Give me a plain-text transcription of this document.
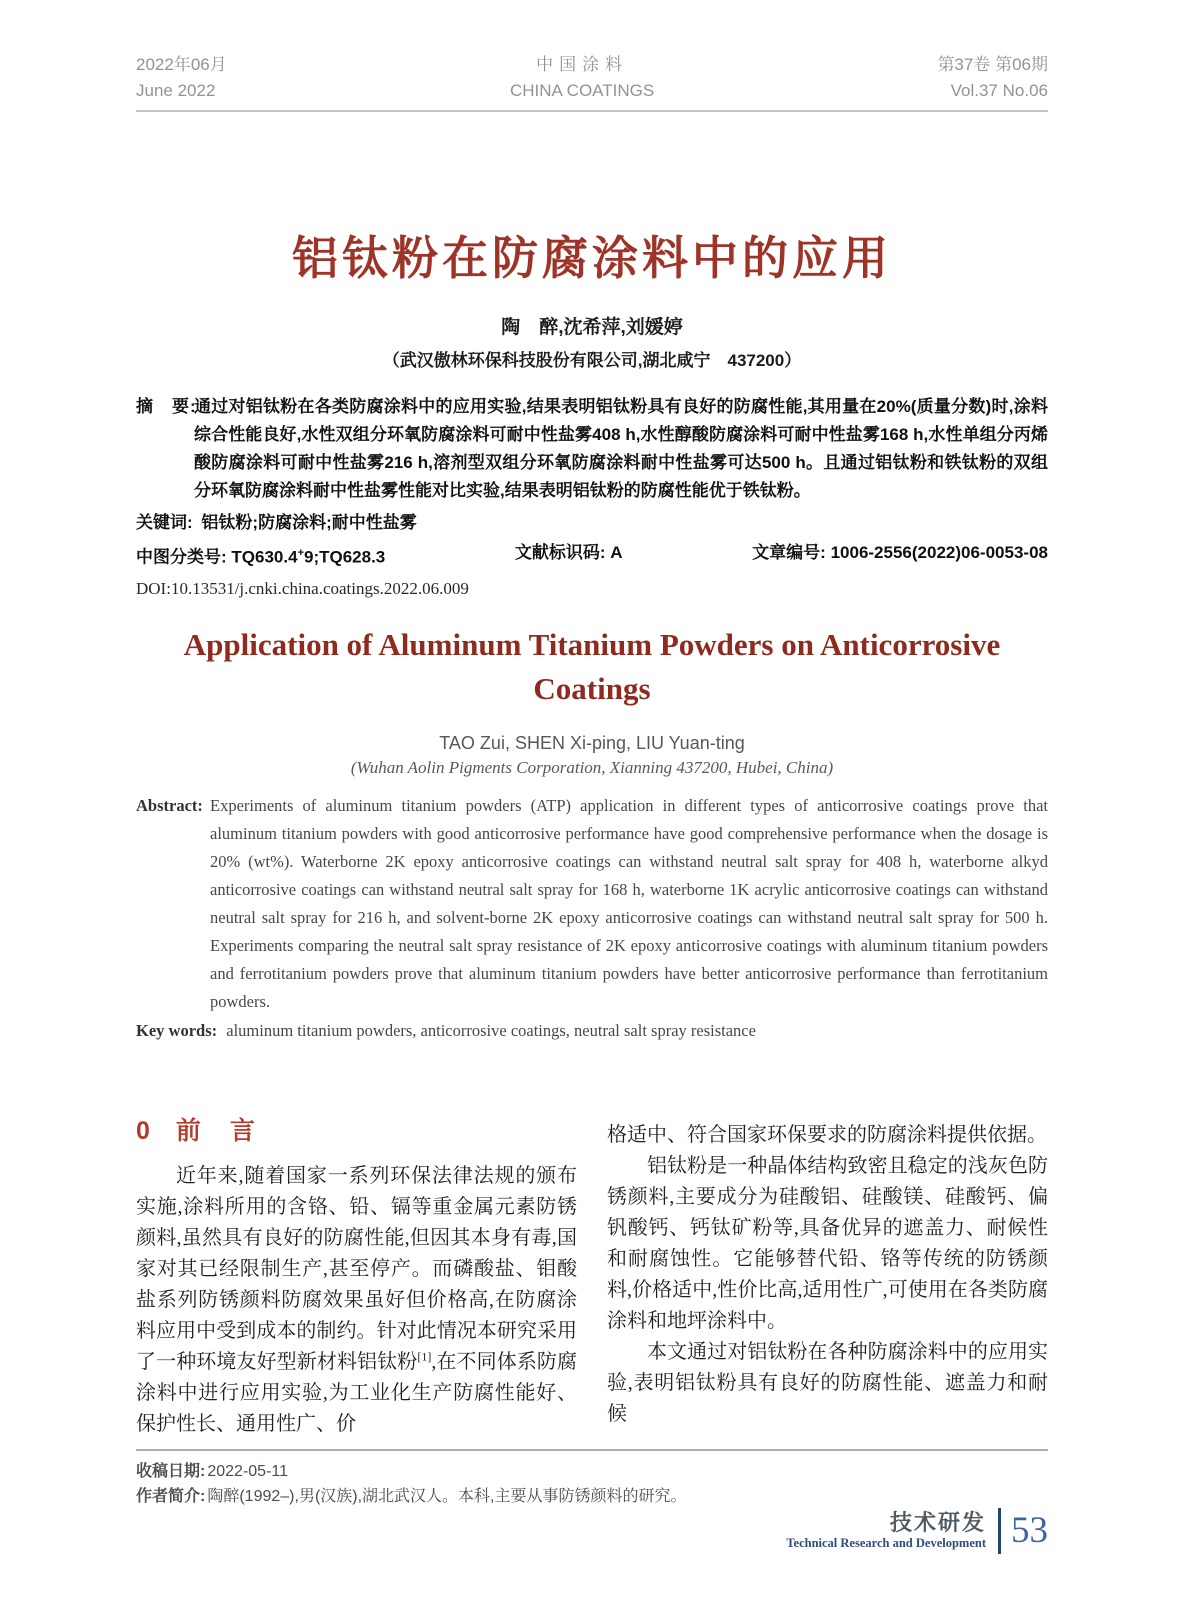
2022年06月
June 2022
中国涂料
CHINA COATINGS
第37卷 第06期
Vol.37 No.06
铝钛粉在防腐涂料中的应用
陶　醉,沈希萍,刘媛婷
（武汉傲林环保科技股份有限公司,湖北咸宁　437200）
摘　要:
通过对铝钛粉在各类防腐涂料中的应用实验,结果表明铝钛粉具有良好的防腐性能,其用量在20%(质量分数)时,涂料综合性能良好,水性双组分环氧防腐涂料可耐中性盐雾408 h,水性醇酸防腐涂料可耐中性盐雾168 h,水性单组分丙烯酸防腐涂料可耐中性盐雾216 h,溶剂型双组分环氧防腐涂料耐中性盐雾可达500 h。且通过铝钛粉和铁钛粉的双组分环氧防腐涂料耐中性盐雾性能对比实验,结果表明铝钛粉的防腐性能优于铁钛粉。
关键词: 铝钛粉;防腐涂料;耐中性盐雾
中图分类号: TQ630.4+9;TQ628.3	文献标识码: A	文章编号: 1006-2556(2022)06-0053-08
DOI:10.13531/j.cnki.china.coatings.2022.06.009
Application of Aluminum Titanium Powders on Anticorrosive Coatings
TAO Zui, SHEN Xi-ping, LIU Yuan-ting
(Wuhan Aolin Pigments Corporation, Xianning 437200, Hubei, China)
Abstract: Experiments of aluminum titanium powders (ATP) application in different types of anticorrosive coatings prove that aluminum titanium powders with good anticorrosive performance have good comprehensive performance when the dosage is 20% (wt%). Waterborne 2K epoxy anticorrosive coatings can withstand neutral salt spray for 408 h, waterborne alkyd anticorrosive coatings can withstand neutral salt spray for 168 h, waterborne 1K acrylic anticorrosive coatings can withstand neutral salt spray for 216 h, and solvent-borne 2K epoxy anticorrosive coatings can withstand neutral salt spray for 500 h. Experiments comparing the neutral salt spray resistance of 2K epoxy anticorrosive coatings with aluminum titanium powders and ferrotitanium powders prove that aluminum titanium powders have better anticorrosive performance than ferrotitanium powders.
Key words: aluminum titanium powders, anticorrosive coatings, neutral salt spray resistance
0 前　言

近年来,随着国家一系列环保法律法规的颁布实施,涂料所用的含铬、铅、镉等重金属元素防锈颜料,虽然具有良好的防腐性能,但因其本身有毒,国家对其已经限制生产,甚至停产。而磷酸盐、钼酸盐系列防锈颜料防腐效果虽好但价格高,在防腐涂料应用中受到成本的制约。针对此情况本研究采用了一种环境友好型新材料铝钛粉[1],在不同体系防腐涂料中进行应用实验,为工业化生产防腐性能好、保护性长、通用性广、价

格适中、符合国家环保要求的防腐涂料提供依据。

铝钛粉是一种晶体结构致密且稳定的浅灰色防锈颜料,主要成分为硅酸铝、硅酸镁、硅酸钙、偏钒酸钙、钙钛矿粉等,具备优异的遮盖力、耐候性和耐腐蚀性。它能够替代铅、铬等传统的防锈颜料,价格适中,性价比高,适用性广,可使用在各类防腐涂料和地坪涂料中。

本文通过对铝钛粉在各种防腐涂料中的应用实验,表明铝钛粉具有良好的防腐性能、遮盖力和耐候

收稿日期: 2022-05-11
作者简介: 陶醉(1992–),男(汉族),湖北武汉人。本科,主要从事防锈颜料的研究。
技术研发
Technical Research and Development 53
